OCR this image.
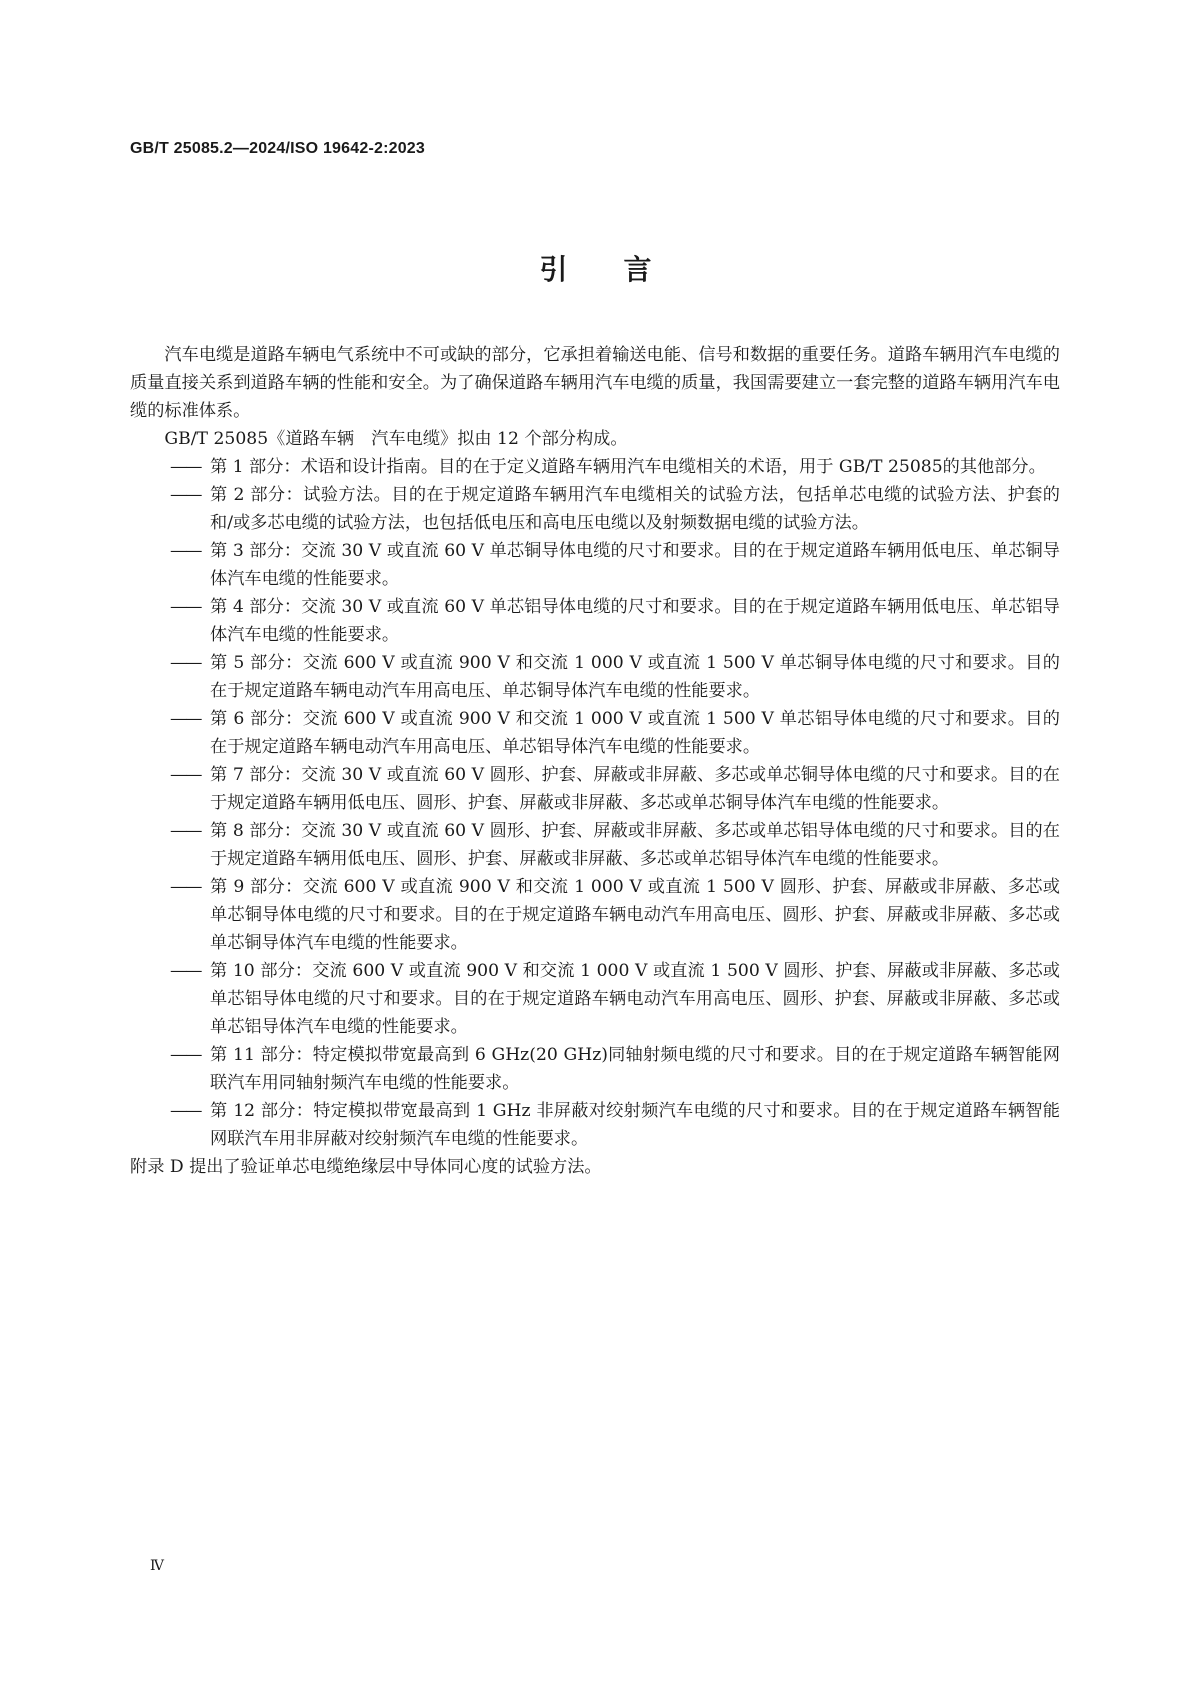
GB/T 25085.2—2024/ISO 19642-2:2023
引言

汽车电缆是道路车辆电气系统中不可或缺的部分，它承担着输送电能、信号和数据的重要任务。道路车辆用汽车电缆的质量直接关系到道路车辆的性能和安全。为了确保道路车辆用汽车电缆的质量，我国需要建立一套完整的道路车辆用汽车电缆的标准体系。

GB/T 25085《道路车辆　汽车电缆》拟由 12 个部分构成。

—— 第 1 部分：术语和设计指南。目的在于定义道路车辆用汽车电缆相关的术语，用于 GB/T 25085的其他部分。

—— 第 2 部分：试验方法。目的在于规定道路车辆用汽车电缆相关的试验方法，包括单芯电缆的试验方法、护套的和/或多芯电缆的试验方法，也包括低电压和高电压电缆以及射频数据电缆的试验方法。

—— 第 3 部分：交流 30 V 或直流 60 V 单芯铜导体电缆的尺寸和要求。目的在于规定道路车辆用低电压、单芯铜导体汽车电缆的性能要求。

—— 第 4 部分：交流 30 V 或直流 60 V 单芯铝导体电缆的尺寸和要求。目的在于规定道路车辆用低电压、单芯铝导体汽车电缆的性能要求。

—— 第 5 部分：交流 600 V 或直流 900 V 和交流 1 000 V 或直流 1 500 V 单芯铜导体电缆的尺寸和要求。目的在于规定道路车辆电动汽车用高电压、单芯铜导体汽车电缆的性能要求。

—— 第 6 部分：交流 600 V 或直流 900 V 和交流 1 000 V 或直流 1 500 V 单芯铝导体电缆的尺寸和要求。目的在于规定道路车辆电动汽车用高电压、单芯铝导体汽车电缆的性能要求。

—— 第 7 部分：交流 30 V 或直流 60 V 圆形、护套、屏蔽或非屏蔽、多芯或单芯铜导体电缆的尺寸和要求。目的在于规定道路车辆用低电压、圆形、护套、屏蔽或非屏蔽、多芯或单芯铜导体汽车电缆的性能要求。

—— 第 8 部分：交流 30 V 或直流 60 V 圆形、护套、屏蔽或非屏蔽、多芯或单芯铝导体电缆的尺寸和要求。目的在于规定道路车辆用低电压、圆形、护套、屏蔽或非屏蔽、多芯或单芯铝导体汽车电缆的性能要求。

—— 第 9 部分：交流 600 V 或直流 900 V 和交流 1 000 V 或直流 1 500 V 圆形、护套、屏蔽或非屏蔽、多芯或单芯铜导体电缆的尺寸和要求。目的在于规定道路车辆电动汽车用高电压、圆形、护套、屏蔽或非屏蔽、多芯或单芯铜导体汽车电缆的性能要求。

—— 第 10 部分：交流 600 V 或直流 900 V 和交流 1 000 V 或直流 1 500 V 圆形、护套、屏蔽或非屏蔽、多芯或单芯铝导体电缆的尺寸和要求。目的在于规定道路车辆电动汽车用高电压、圆形、护套、屏蔽或非屏蔽、多芯或单芯铝导体汽车电缆的性能要求。

—— 第 11 部分：特定模拟带宽最高到 6 GHz(20 GHz)同轴射频电缆的尺寸和要求。目的在于规定道路车辆智能网联汽车用同轴射频汽车电缆的性能要求。

—— 第 12 部分：特定模拟带宽最高到 1 GHz 非屏蔽对绞射频汽车电缆的尺寸和要求。目的在于规定道路车辆智能网联汽车用非屏蔽对绞射频汽车电缆的性能要求。

附录 D 提出了验证单芯电缆绝缘层中导体同心度的试验方法。

Ⅳ
